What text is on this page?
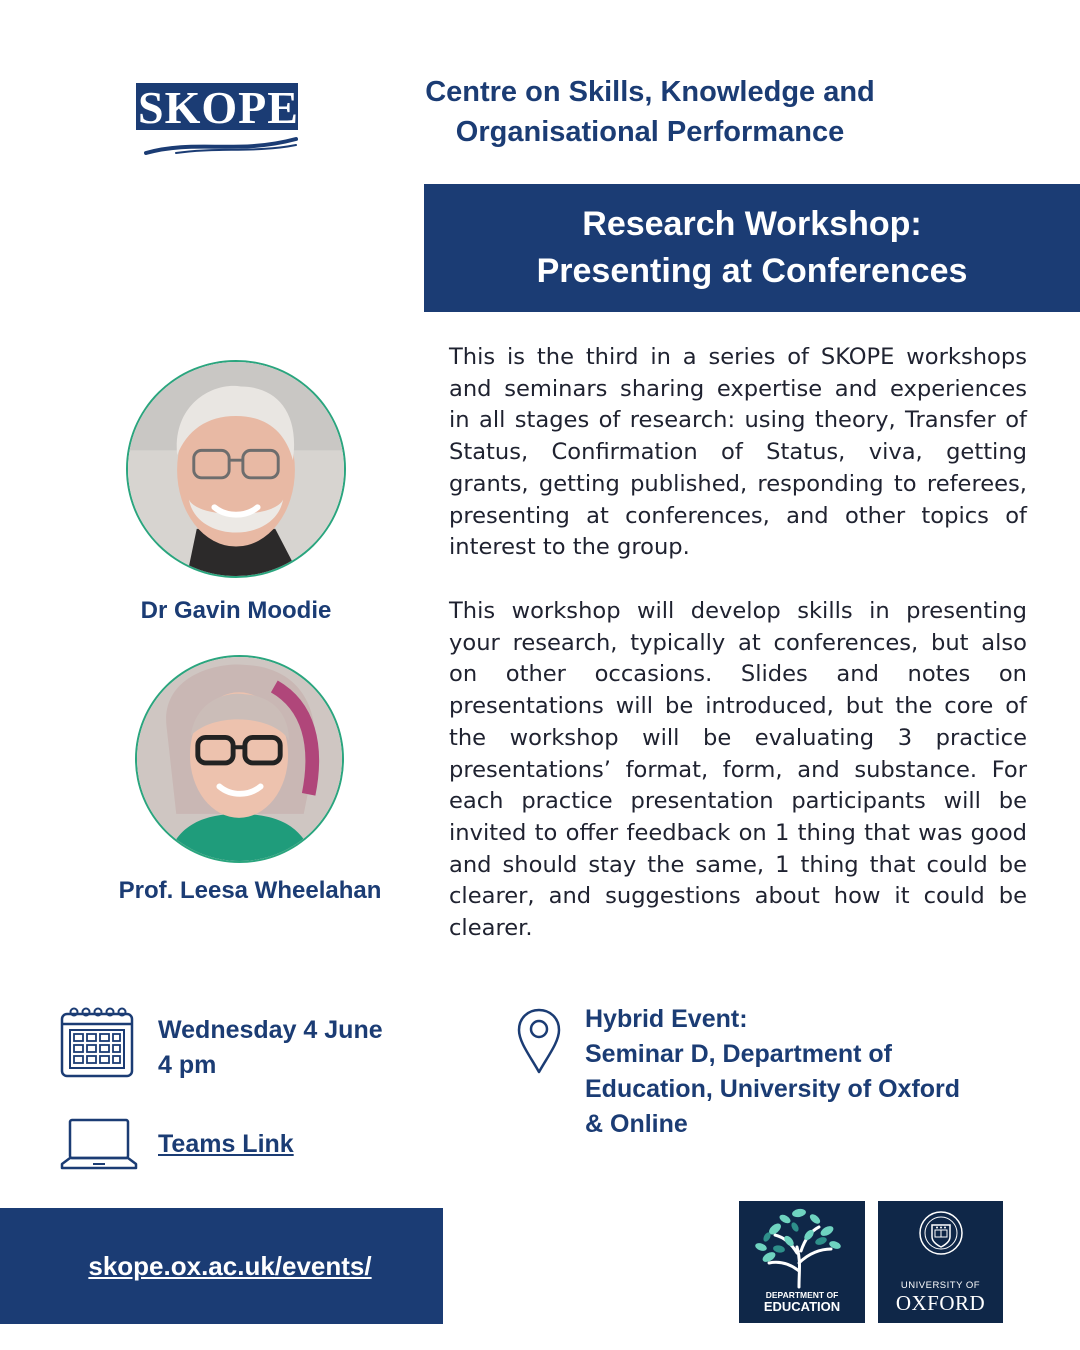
SKOPE	Centre on Skills, Knowledge and
Organisational Performance
Research Workshop:
Presenting at Conferences

This is the third in a series of SKOPE workshops and seminars sharing expertise and experiences in all stages of research: using theory, Transfer of Status, Confirmation of Status, viva, getting grants, getting published, responding to referees, presenting at conferences, and other topics of interest to the group.

This workshop will develop skills in presenting your research, typically at conferences, but also on other occasions. Slides and notes on presentations will be introduced, but the core of the workshop will be evaluating 3 practice presentations’ format, form, and substance. For each practice presentation participants will be invited to offer feedback on 1 thing that was good and should stay the same, 1 thing that could be clearer, and suggestions about how it could be clearer.

Dr Gavin Moodie
Prof. Leesa Wheelahan
Wednesday 4 June
4 pm
Teams Link
Hybrid Event:
Seminar D, Department of
Education, University of Oxford
& Online
skope.ox.ac.uk/events/
DEPARTMENT OF
EDUCATION
UNIVERSITY OF
OXFORD
